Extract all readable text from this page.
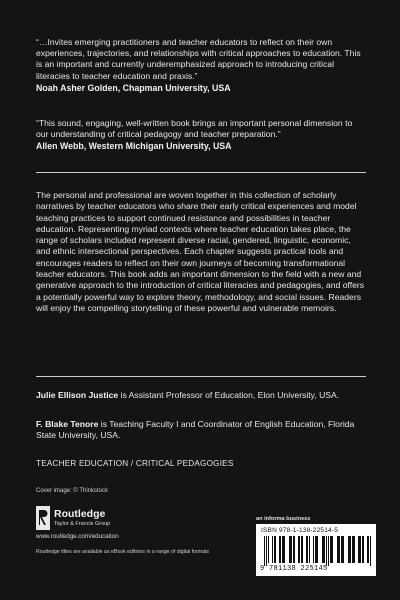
“…Invites emerging practitioners and teacher educators to reflect on their own experiences, trajectories, and relationships with critical approaches to education. This is an important and currently underemphasized approach to introducing critical literacies to teacher education and praxis.”

Noah Asher Golden, Chapman University, USA

“This sound, engaging, well-written book brings an important personal dimension to our understanding of critical pedagogy and teacher preparation.”

Allen Webb, Western Michigan University, USA

The personal and professional are woven together in this collection of scholarly narratives by teacher educators who share their early critical experiences and model teaching practices to support continued resistance and possibilities in teacher education. Representing myriad contexts where teacher education takes place, the range of scholars included represent diverse racial, gendered, linguistic, economic, and ethnic intersectional perspectives. Each chapter suggests practical tools and encourages readers to reflect on their own journeys of becoming transformational teacher educators. This book adds an important dimension to the field with a new and generative approach to the introduction of critical literacies and pedagogies, and offers a potentially powerful way to explore theory, methodology, and social issues. Readers will enjoy the compelling storytelling of these powerful and vulnerable memoirs.

Julie Ellison Justice is Assistant Professor of Education, Elon University, USA.

F. Blake Tenore is Teaching Faculty I and Coordinator of English Education, Florida State University, USA.

TEACHER EDUCATION / CRITICAL PEDAGOGIES
Cover image: © Thinkstock
Routledge
Taylor & Francis Group
www.routledge.com/education
Routledge titles are available as eBook editions in a range of digital formats
an informa business
ISBN 978-1-138-22514-5
9 781138 225145
